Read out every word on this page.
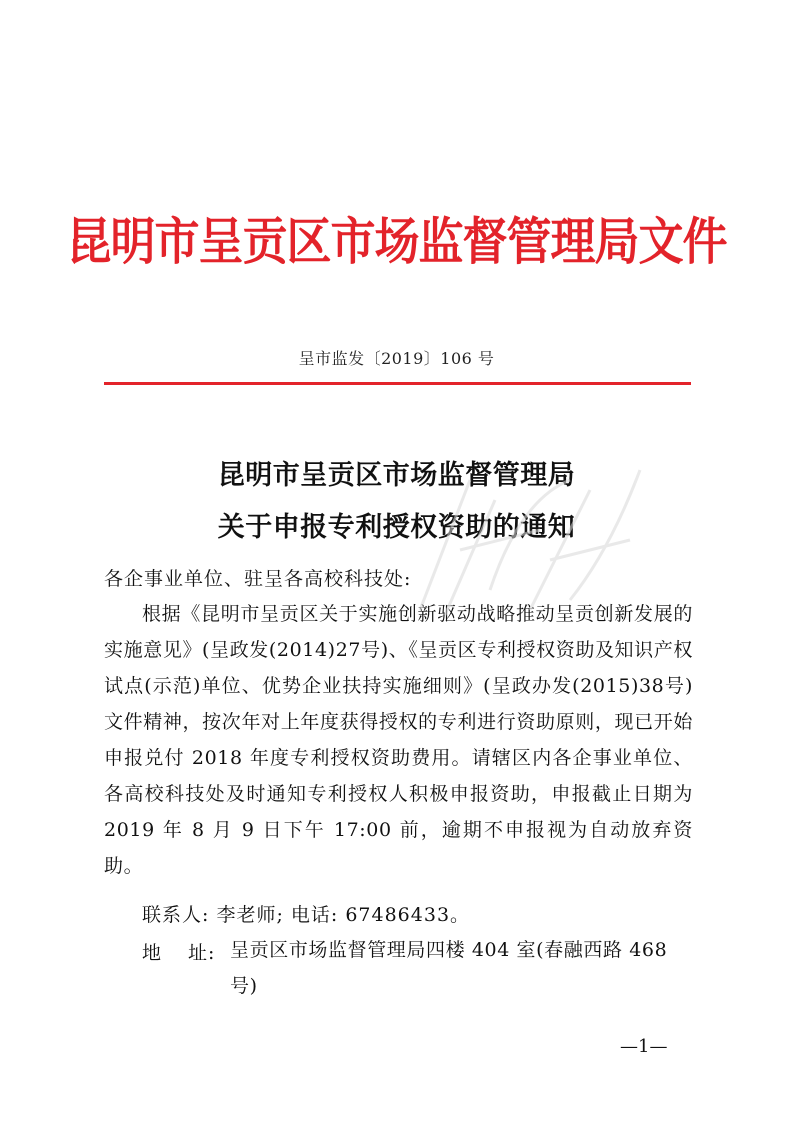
昆明市呈贡区市场监督管理局文件
呈市监发〔2019〕106 号
昆明市呈贡区市场监督管理局
关于申报专利授权资助的通知
各企事业单位、驻呈各高校科技处:
根据《昆明市呈贡区关于实施创新驱动战略推动呈贡创新发展的实施意见》(呈政发(2014)27号)、《呈贡区专利授权资助及知识产权试点(示范)单位、优势企业扶持实施细则》(呈政办发(2015)38号)文件精神，按次年对上年度获得授权的专利进行资助原则，现已开始申报兑付 2018 年度专利授权资助费用。请辖区内各企事业单位、各高校科技处及时通知专利授权人积极申报资助，申报截止日期为 2019 年 8 月 9 日下午 17:00 前，逾期不申报视为自动放弃资助。
联系人: 李老师; 电话: 67486433。
地 址: 呈贡区市场监督管理局四楼 404 室(春融西路 468 号)
—1—
